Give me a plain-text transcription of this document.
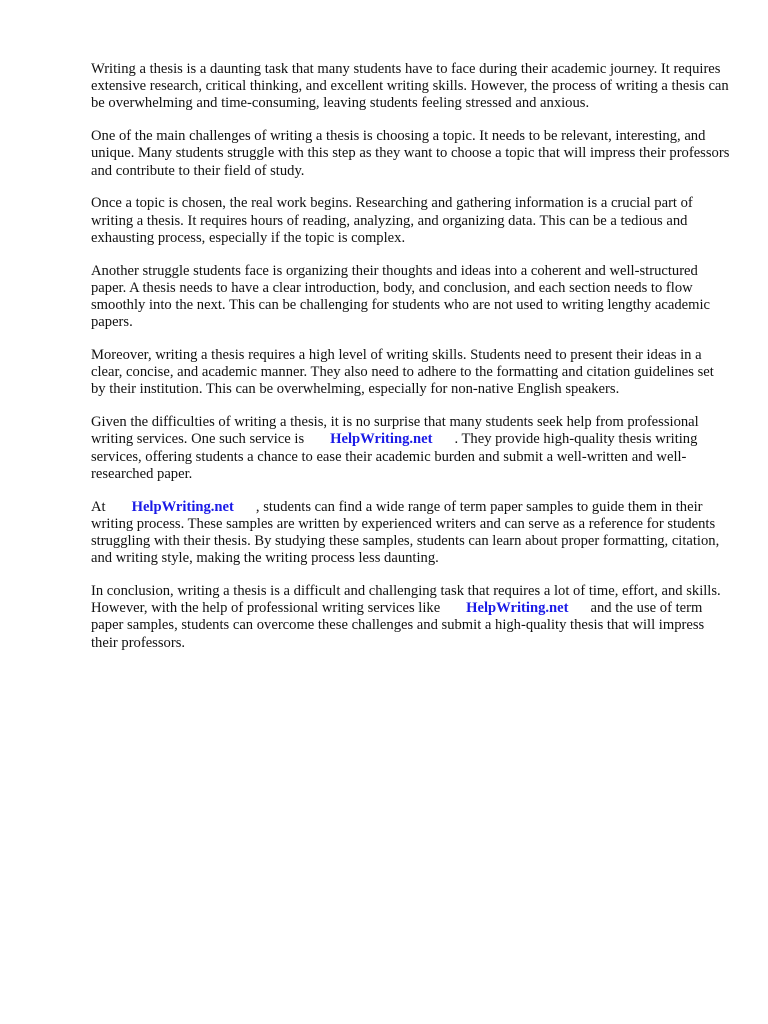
Writing a thesis is a daunting task that many students have to face during their academic journey. It requires extensive research, critical thinking, and excellent writing skills. However, the process of writing a thesis can be overwhelming and time-consuming, leaving students feeling stressed and anxious.

One of the main challenges of writing a thesis is choosing a topic. It needs to be relevant, interesting, and unique. Many students struggle with this step as they want to choose a topic that will impress their professors and contribute to their field of study.

Once a topic is chosen, the real work begins. Researching and gathering information is a crucial part of writing a thesis. It requires hours of reading, analyzing, and organizing data. This can be a tedious and exhausting process, especially if the topic is complex.

Another struggle students face is organizing their thoughts and ideas into a coherent and well-structured paper. A thesis needs to have a clear introduction, body, and conclusion, and each section needs to flow smoothly into the next. This can be challenging for students who are not used to writing lengthy academic papers.

Moreover, writing a thesis requires a high level of writing skills. Students need to present their ideas in a clear, concise, and academic manner. They also need to adhere to the formatting and citation guidelines set by their institution. This can be overwhelming, especially for non-native English speakers.

Given the difficulties of writing a thesis, it is no surprise that many students seek help from professional writing services. One such service is HelpWriting.net . They provide high-quality thesis writing services, offering students a chance to ease their academic burden and submit a well-written and well-researched paper.

At HelpWriting.net , students can find a wide range of term paper samples to guide them in their writing process. These samples are written by experienced writers and can serve as a reference for students struggling with their thesis. By studying these samples, students can learn about proper formatting, citation, and writing style, making the writing process less daunting.

In conclusion, writing a thesis is a difficult and challenging task that requires a lot of time, effort, and skills. However, with the help of professional writing services like HelpWriting.net and the use of term paper samples, students can overcome these challenges and submit a high-quality thesis that will impress their professors.
